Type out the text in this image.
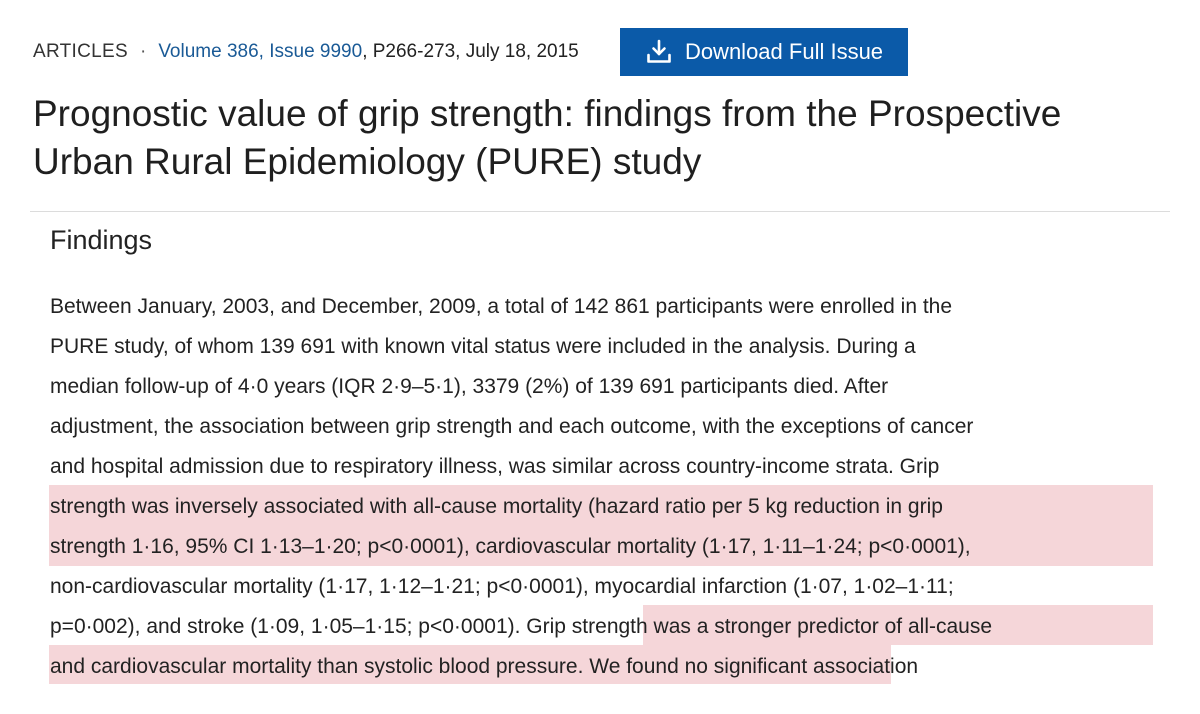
ARTICLES · Volume 386, Issue 9990 , P266-273, July 18, 2015	Download Full Issue
Prognostic value of grip strength: findings from the Prospective
Urban Rural Epidemiology (PURE) study
Findings

Between January, 2003, and December, 2009, a total of 142 861 participants were enrolled in the
PURE study, of whom 139 691 with known vital status were included in the analysis. During a
median follow-up of 4·0 years (IQR 2·9–5·1), 3379 (2%) of 139 691 participants died. After
adjustment, the association between grip strength and each outcome, with the exceptions of cancer
and hospital admission due to respiratory illness, was similar across country-income strata. Grip
strength was inversely associated with all-cause mortality (hazard ratio per 5 kg reduction in grip
strength 1·16, 95% CI 1·13–1·20; p<0·0001), cardiovascular mortality (1·17, 1·11–1·24; p<0·0001),
non-cardiovascular mortality (1·17, 1·12–1·21; p<0·0001), myocardial infarction (1·07, 1·02–1·11;
p=0·002), and stroke (1·09, 1·05–1·15; p<0·0001). Grip strength was a stronger predictor of all-cause
and cardiovascular mortality than systolic blood pressure. We found no significant association
